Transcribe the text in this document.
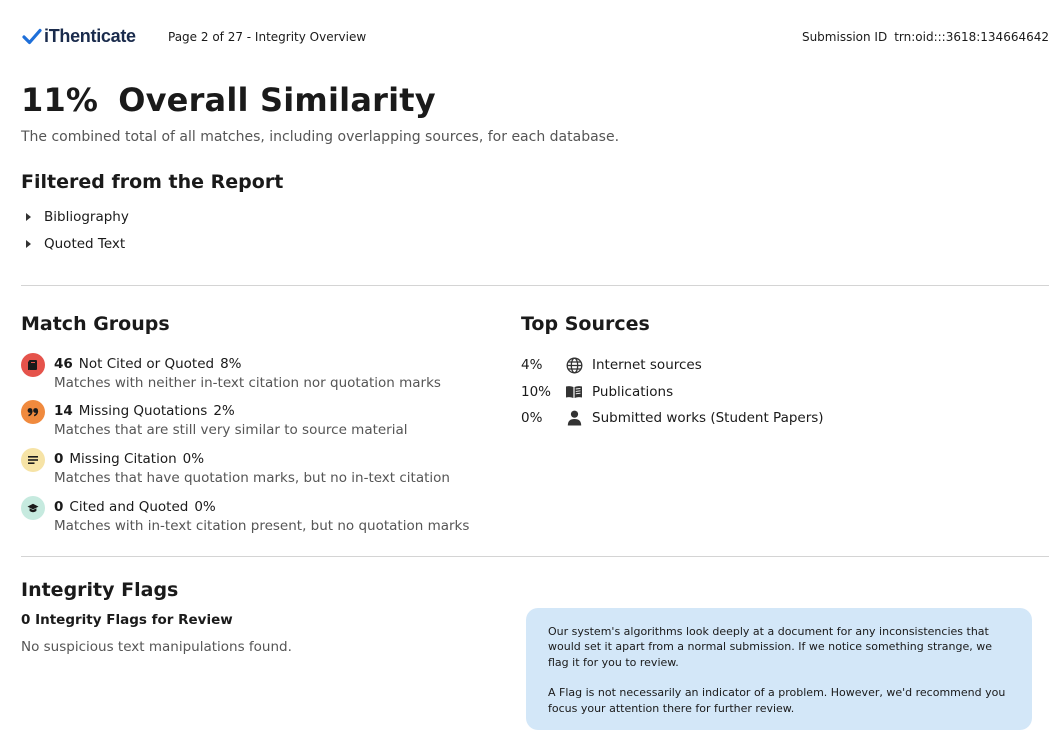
iThenticate	Page 2 of 27 - Integrity Overview	Submission ID trn:oid:::3618:134664642
11% Overall Similarity
The combined total of all matches, including overlapping sources, for each database.
Filtered from the Report
Bibliography
Quoted Text
Match Groups
46 Not Cited or Quoted 8%
Matches with neither in-text citation nor quotation marks
14 Missing Quotations 2%
Matches that are still very similar to source material
0 Missing Citation 0%
Matches that have quotation marks, but no in-text citation
0 Cited and Quoted 0%
Matches with in-text citation present, but no quotation marks
Top Sources
4%	Internet sources
10%	Publications
0%	Submitted works (Student Papers)
Integrity Flags
0 Integrity Flags for Review
No suspicious text manipulations found.

Our system's algorithms look deeply at a document for any inconsistencies that would set it apart from a normal submission. If we notice something strange, we flag it for you to review.

A Flag is not necessarily an indicator of a problem. However, we'd recommend you focus your attention there for further review.
